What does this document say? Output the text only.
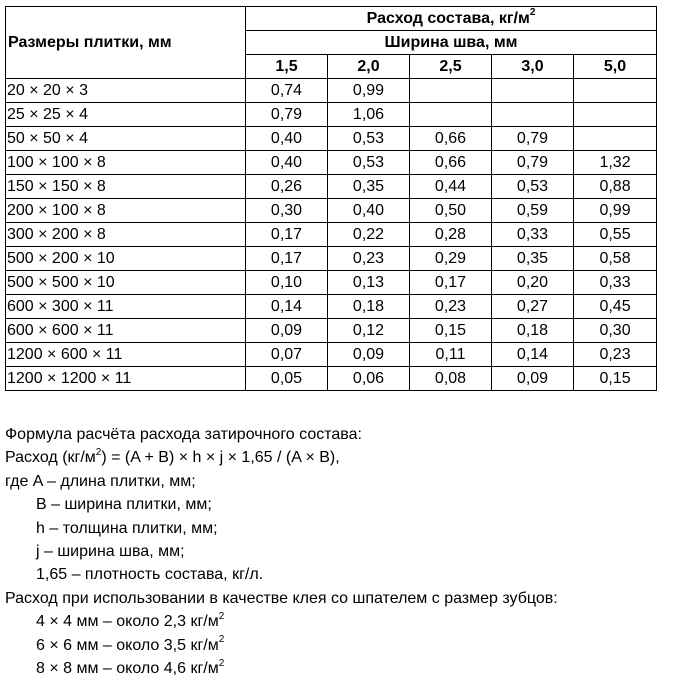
Размеры плитки, мм	Расход состава, $кг/м^2$
	Ширина шва, мм				
	1,5	2,0	2,5	3,0	5,0
20 × 20 × 3	0,74	0,99			
25 × 25 × 4	0,79	1,06			
50 × 50 × 4	0,40	0,53	0,66	0,79	
100 × 100 × 8	0,40	0,53	0,66	0,79	1,32
150 × 150 × 8	0,26	0,35	0,44	0,53	0,88
200 × 100 × 8	0,30	0,40	0,50	0,59	0,99
300 × 200 × 8	0,17	0,22	0,28	0,33	0,55
500 × 200 × 10	0,17	0,23	0,29	0,35	0,58
500 × 500 × 10	0,10	0,13	0,17	0,20	0,33
600 × 300 × 11	0,14	0,18	0,23	0,27	0,45
600 × 600 × 11	0,09	0,12	0,15	0,18	0,30
1200 × 600 × 11	0,07	0,09	0,11	0,14	0,23
1200 × 1200 × 11	0,05	0,06	0,08	0,09	0,15
Формула расчёта расхода затирочного состава:
Расход $(кг/м^2) = (A + B) \times h \times j \times 1,65 / (A \times B)$,
где A – длина плитки, мм;
B – ширина плитки, мм;
h – толщина плитки, мм;
j – ширина шва, мм;
1,65 – плотность состава, кг/л.
Расход при использовании в качестве клея со шпателем с размер зубцов:
4 × 4 мм – около 2,3 $кг/м^2$
6 × 6 мм – около 3,5 $кг/м^2$
8 × 8 мм – около 4,6 $кг/м^2$
